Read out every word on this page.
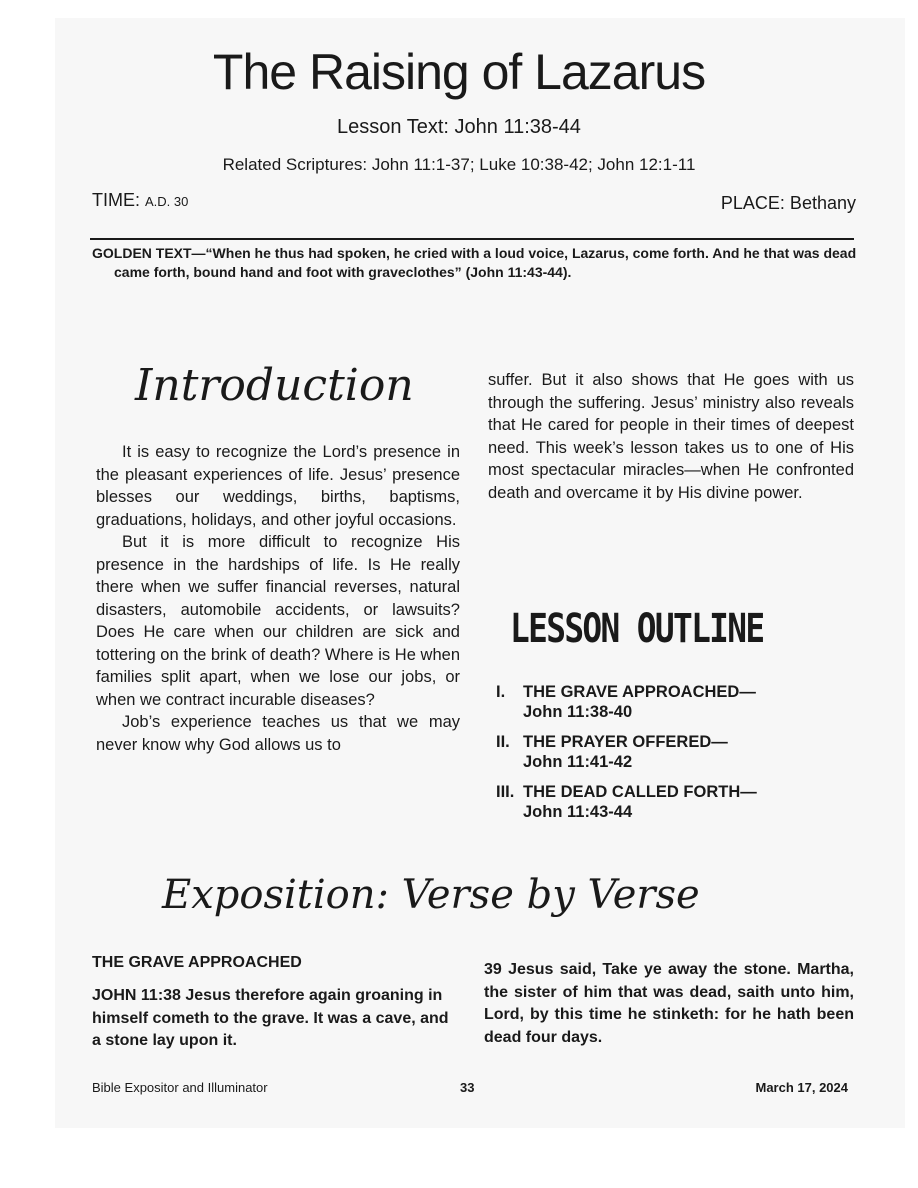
The Raising of Lazarus
Lesson Text: John 11:38-44
Related Scriptures: John 11:1-37; Luke 10:38-42; John 12:1-11
TIME: A.D. 30	PLACE: Bethany
GOLDEN TEXT—“When he thus had spoken, he cried with a loud voice, Lazarus, come forth. And he that was dead came forth, bound hand and foot with graveclothes” (John 11:43-44).
Introduction

It is easy to recognize the Lord’s presence in the pleasant experiences of life. Jesus’ presence blesses our weddings, births, baptisms, graduations, holidays, and other joyful occasions.

But it is more difficult to recognize His presence in the hardships of life. Is He really there when we suffer financial reverses, natural disasters, automobile accidents, or lawsuits? Does He care when our children are sick and tottering on the brink of death? Where is He when families split apart, when we lose our jobs, or when we contract incurable diseases?

Job’s experience teaches us that we may never know why God allows us to

suffer. But it also shows that He goes with us through the suffering. Jesus’ ministry also reveals that He cared for people in their times of deepest need. This week’s lesson takes us to one of His most spectacular miracles—when He confronted death and overcame it by His divine power.

LESSON OUTLINE
I.	THE GRAVE APPROACHED—
John 11:38-40
II. THE PRAYER OFFERED—
John 11:41-42
III. THE DEAD CALLED FORTH—
John 11:43-44
Exposition: Verse by Verse
THE GRAVE APPROACHED
JOHN 11:38 Jesus therefore again groaning in himself cometh to the grave. It was a cave, and a stone lay upon it.
39 Jesus said, Take ye away the stone. Martha, the sister of him that was dead, saith unto him, Lord, by this time he stinketh: for he hath been dead four days.
Bible Expositor and Illuminator	33	March 17, 2024
